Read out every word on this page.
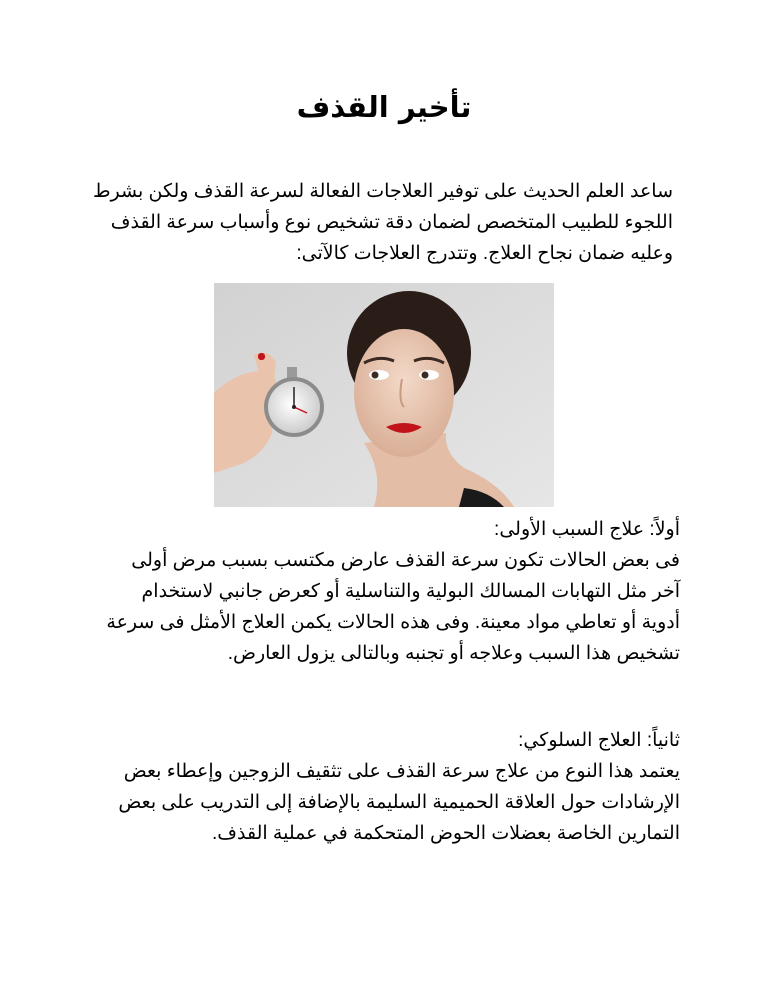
تأخير القذف

ساعد العلم الحديث على توفير العلاجات الفعالة لسرعة القذف ولكن بشرط
اللجوء للطبيب المتخصص لضمان دقة تشخيص نوع وأسباب سرعة القذف
وعليه ضمان نجاح العلاج. وتتدرج العلاجات كالآتى:

أولاً: علاج السبب الأولى:
فى بعض الحالات تكون سرعة القذف عارض مكتسب بسبب مرض أولى
آخر مثل التهابات المسالك البولية والتناسلية أو كعرض جانبي لاستخدام
أدوية أو تعاطي مواد معينة. وفى هذه الحالات يكمن العلاج الأمثل فى سرعة
تشخيص هذا السبب وعلاجه أو تجنبه وبالتالى يزول العارض.

ثانياً: العلاج السلوكي:
يعتمد هذا النوع من علاج سرعة القذف على تثقيف الزوجين وإعطاء بعض
الإرشادات حول العلاقة الحميمية السليمة بالإضافة إلى التدريب على بعض
التمارين الخاصة بعضلات الحوض المتحكمة في عملية القذف.
